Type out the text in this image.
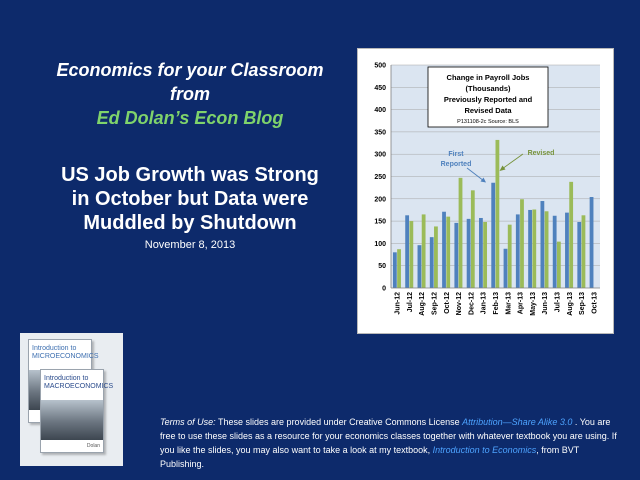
Economics for your Classroom
from
Ed Dolan’s Econ Blog
US Job Growth was Strong
in October but Data were
Muddled by Shutdown
November 8, 2013
0
50
100
150
200
250
300
350
400
450
500
Jun-12 Jul-12 Aug-12 Sep-12 Oct-12 Nov-12 Dec-12 Jan-13 Feb-13 Mar-13 Apr-13 May-13 Jun-13 Jul-13 Aug-13 Sep-13 Oct-13
Change in Payroll Jobs
(Thousands)
Previously Reported and
Revised Data
P131108-2c Source: BLS
First
Reported
Revised
Introduction to MICROECONOMICS
Introduction to MACROECONOMICS
Dolan
Terms of Use: These slides are provided under Creative Commons License Attribution—Share Alike 3.0 . You are free to use these slides as a resource for your economics classes together with whatever textbook you are using. If you like the slides, you may also want to take a look at my textbook, Introduction to Economics, from BVT Publishing.
